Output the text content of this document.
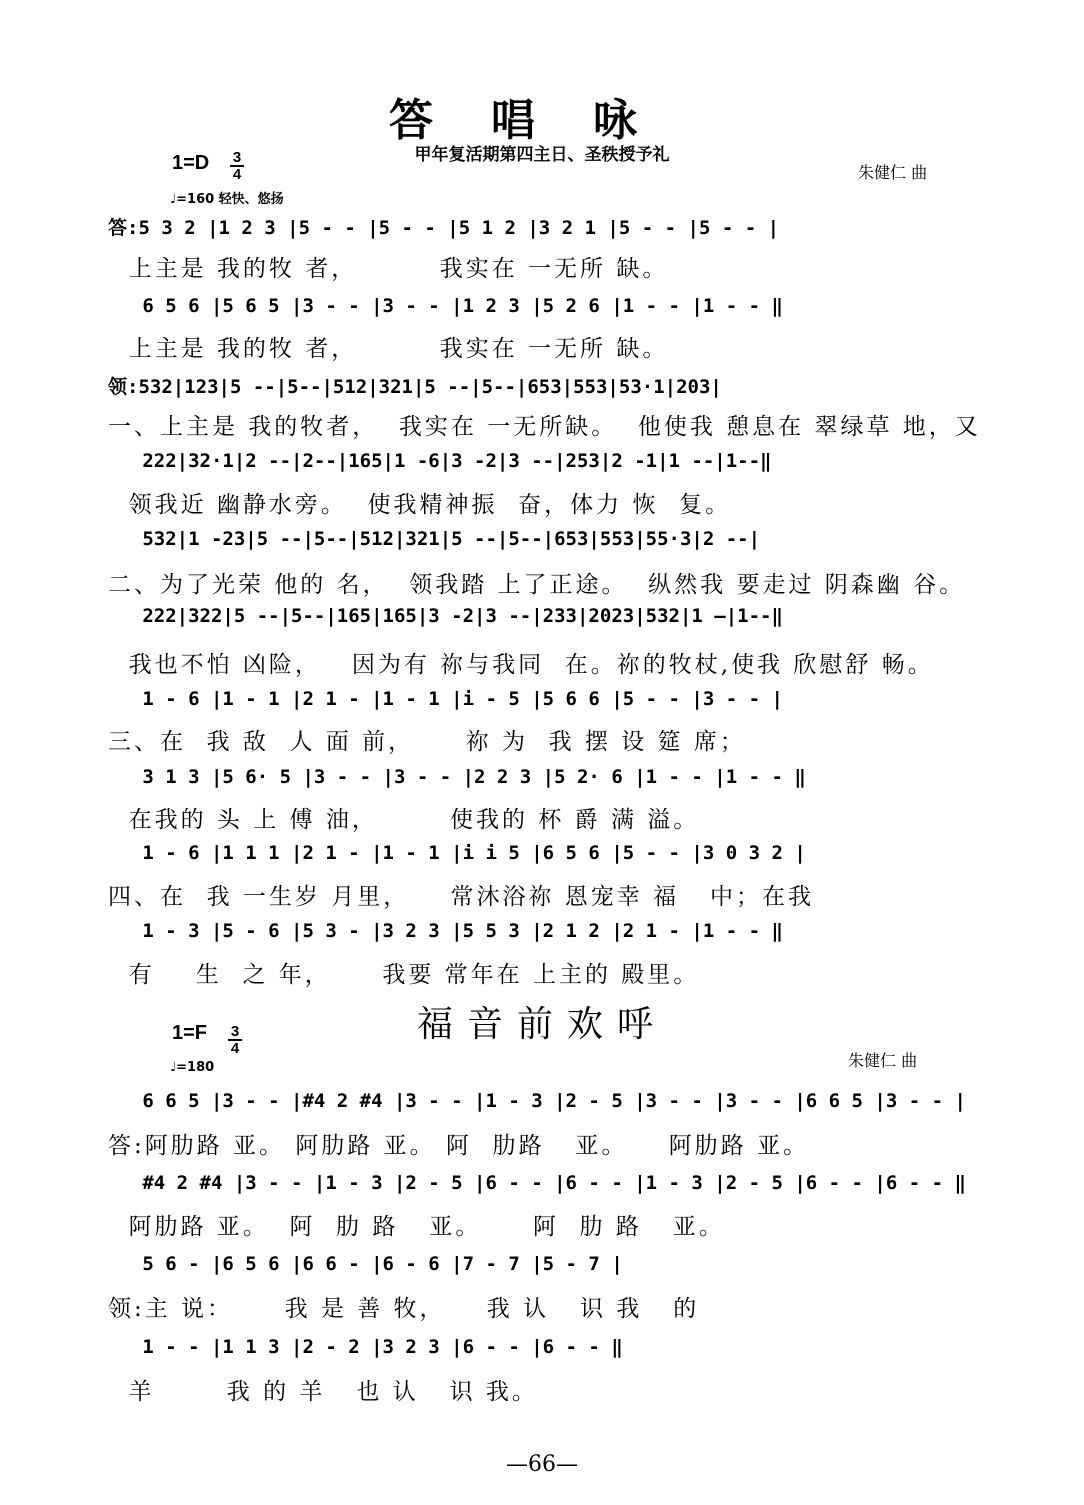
答唱咏
甲年复活期第四主日、圣秩授予礼
1=D 3
4	朱健仁 曲
♩=160 轻快、悠扬
答:5 3 2 |1 2 3 |5 - - |5 - - |5 1 2 |3 2 1 |5 - - |5 - - |
上主是 我的牧 者，        我实在 一无所 缺。
6 5 6 |5 6 5 |3 - - |3 - - |1 2 3 |5 2 6 |1 - - |1 - - ‖
上主是 我的牧 者，        我实在 一无所 缺。
领:532|123|5 --|5--|512|321|5 --|5--|653|553|53·1|203|
一、上主是 我的牧者，  我实在 一无所缺。  他使我 憩息在 翠绿草 地，又
222|32·1|2 --|2--|165|1 -6|3 -2|3 --|253|2 -1|1 --|1--‖
领我近 幽静水旁。  使我精神振  奋，体力 恢  复。
532|1 -23|5 --|5--|512|321|5 --|5--|653|553|55·3|2 --|
二、为了光荣 他的 名，  领我踏 上了正途。  纵然我 要走过 阴森幽 谷。
222|322|5 --|5--|165|165|3 -2|3 --|233|2023|532|1 —|1--‖
我也不怕 凶险，   因为有 祢与我同  在。祢的牧杖,使我 欣慰舒 畅。
1 - 6 |1 - 1 |2 1 - |1 - 1 |i - 5 |5 6 6 |5 - - |3 - - |
三、在  我 敌  人 面 前，     祢 为  我 摆 设 筵 席；
3 1 3 |5 6· 5 |3 - - |3 - - |2 2 3 |5 2· 6 |1 - - |1 - - ‖
在我的 头 上 傅 油，       使我的 杯 爵 满 溢。
1 - 6 |1 1 1 |2 1 - |1 - 1 |i i 5 |6 5 6 |5 - - |3 0 3 2 |
四、在  我 一生岁 月里，    常沐浴祢 恩宠幸 福   中；在我
1 - 3 |5 - 6 |5 3 - |3 2 3 |5 5 3 |2 1 2 |2 1 - |1 - - ‖
有    生  之 年，     我要 常年在 上主的 殿里。
福音前欢呼
1=F 3
4
朱健仁 曲
♩=180
6 6 5 |3 - - |#4 2 #4 |3 - - |1 - 3 |2 - 5 |3 - - |3 - - |6 6 5 |3 - - |
答:阿肋路 亚。 阿肋路 亚。 阿  肋路   亚。    阿肋路 亚。
#4 2 #4 |3 - - |1 - 3 |2 - 5 |6 - - |6 - - |1 - 3 |2 - 5 |6 - - |6 - - ‖
阿肋路 亚。  阿  肋 路   亚。     阿  肋 路   亚。
5 6 - |6 5 6 |6 6 - |6 - 6 |7 - 7 |5 - 7 |
领:主 说：     我 是 善 牧，    我 认   识 我   的
1 - - |1 1 3 |2 - 2 |3 2 3 |6 - - |6 - - ‖
羊       我 的 羊   也 认   识 我。
—66—
